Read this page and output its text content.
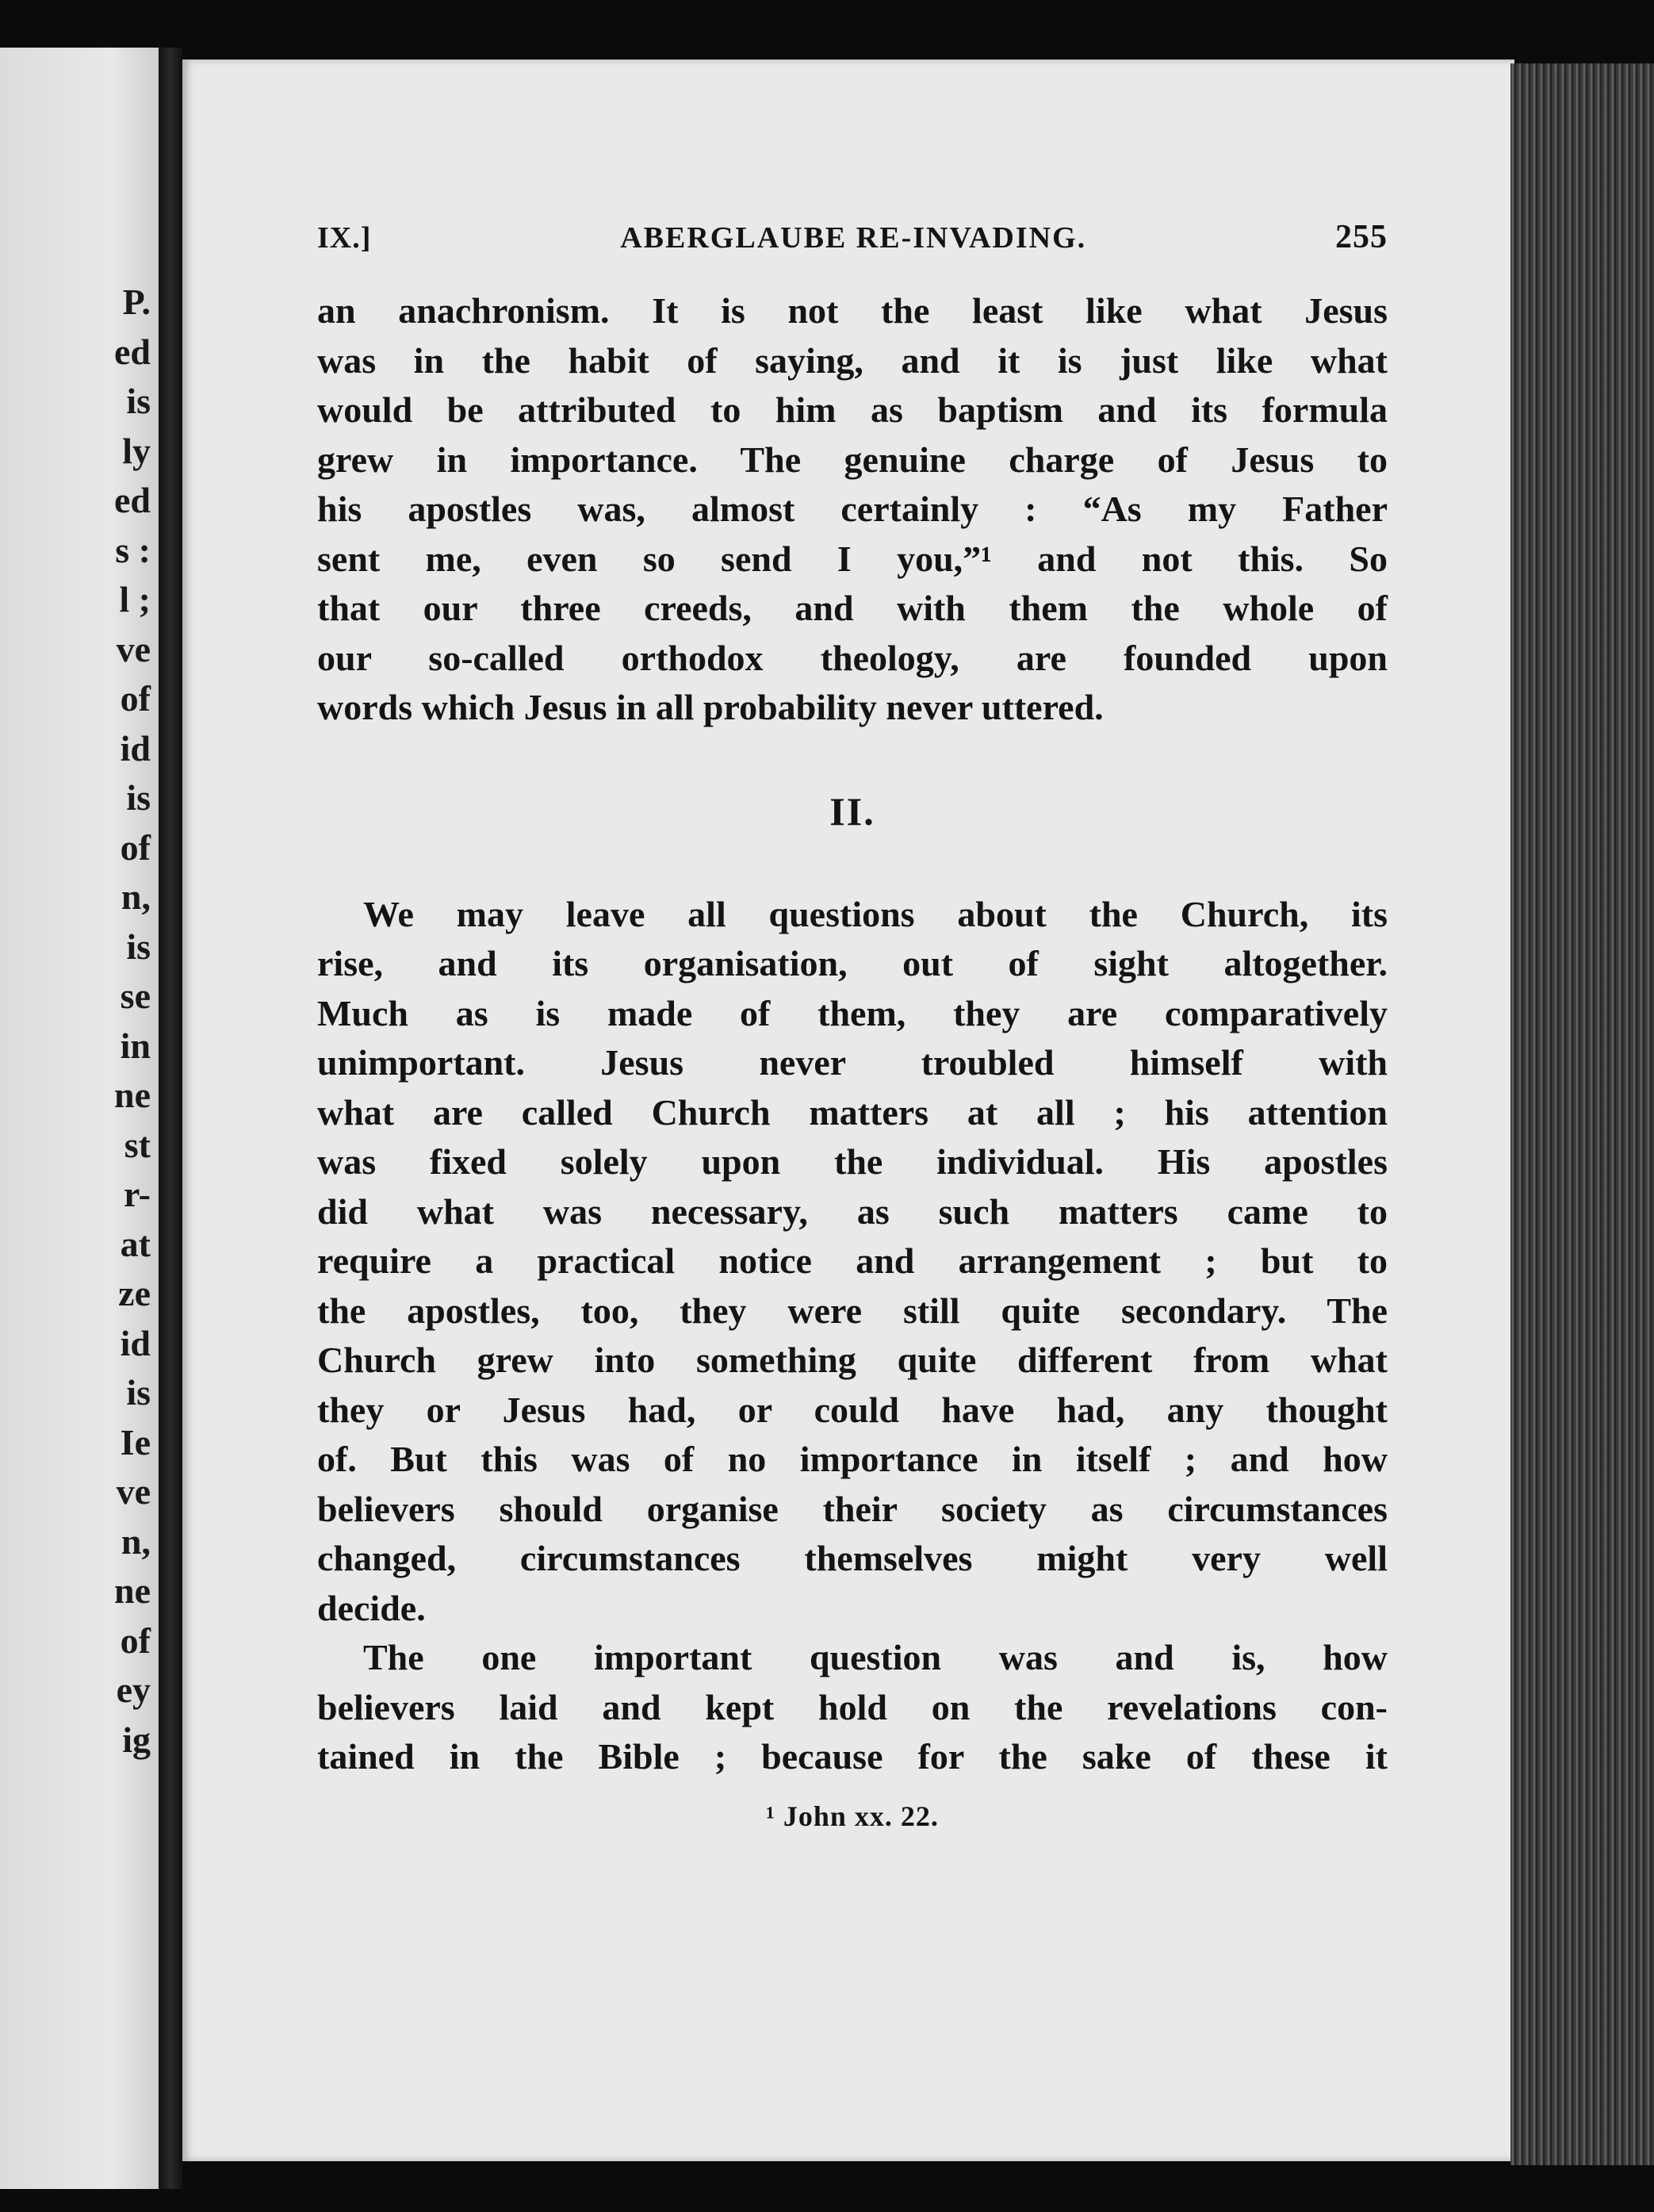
P.
ed
is
ly
ed
s :
l ;
ve
of
id
is
of
n,
is
se
in
ne
st
r-
at
ze
id
is
Ie
ve
n,
ne
of
ey
ig
IX.]	ABERGLAUBE RE-INVADING.	255

an anachronism. It is not the least like what Jesus
was in the habit of saying, and it is just like what
would be attributed to him as baptism and its formula
grew in importance. The genuine charge of Jesus to
his apostles was, almost certainly : “As my Father
sent me, even so send I you,”¹ and not this. So
that our three creeds, and with them the whole of
our so-called orthodox theology, are founded upon
words which Jesus in all probability never uttered.

II.

We may leave all questions about the Church, its
rise, and its organisation, out of sight altogether.
Much as is made of them, they are comparatively
unimportant. Jesus never troubled himself with
what are called Church matters at all ; his attention
was fixed solely upon the individual. His apostles
did what was necessary, as such matters came to
require a practical notice and arrangement ; but to
the apostles, too, they were still quite secondary. The
Church grew into something quite different from what
they or Jesus had, or could have had, any thought
of. But this was of no importance in itself ; and how
believers should organise their society as circumstances
changed, circumstances themselves might very well
decide.

The one important question was and is, how
believers laid and kept hold on the revelations con-
tained in the Bible ; because for the sake of these it

¹ John xx. 22.
